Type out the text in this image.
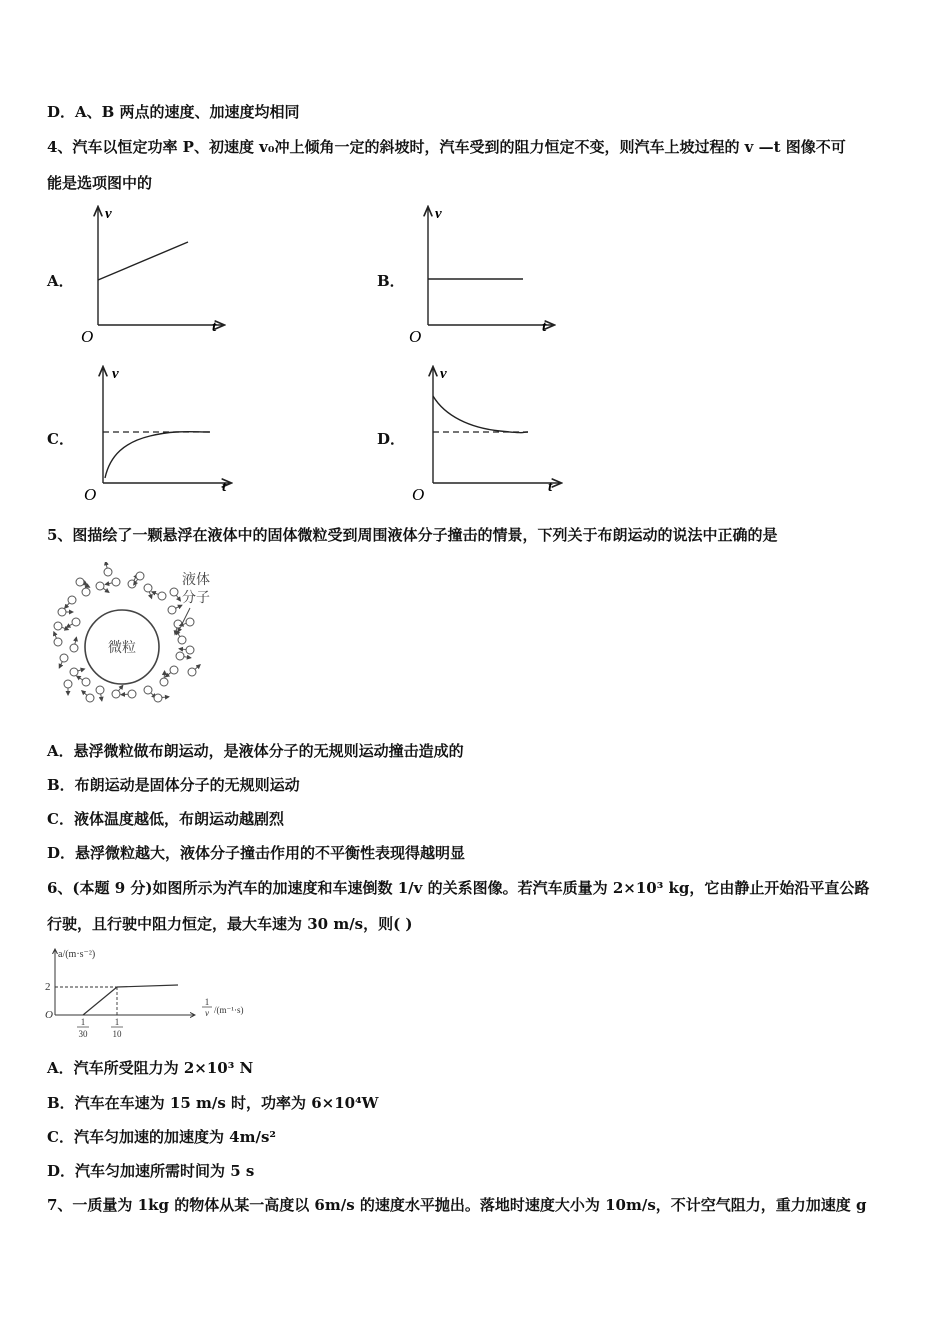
D．A、B 两点的速度、加速度均相同
4、汽车以恒定功率 P、初速度 v₀冲上倾角一定的斜坡时，汽车受到的阻力恒定不变，则汽车上坡过程的 v —t 图像不可
能是选项图中的
A．	B．
C．	D．
v
t
O
v
t
O
v
t
O
v
t
O
5、图描绘了一颗悬浮在液体中的固体微粒受到周围液体分子撞击的情景，下列关于布朗运动的说法中正确的是
微粒
液体
分子
A．悬浮微粒做布朗运动，是液体分子的无规则运动撞击造成的
B．布朗运动是固体分子的无规则运动
C．液体温度越低，布朗运动越剧烈
D．悬浮微粒越大，液体分子撞击作用的不平衡性表现得越明显
6、(本题 9 分)如图所示为汽车的加速度和车速倒数 1/v 的关系图像。若汽车质量为 2×10³ kg，它由静止开始沿平直公路
行驶，且行驶中阻力恒定，最大车速为 30 m/s，则( )
a/(m·s⁻²)
O
2
1
30
1
10
1
v /(m⁻¹·s)
A．汽车所受阻力为 2×10³ N
B．汽车在车速为 15 m/s 时，功率为 6×10⁴W
C．汽车匀加速的加速度为 4m/s²
D．汽车匀加速所需时间为 5 s
7、一质量为 1kg 的物体从某一高度以 6m/s 的速度水平抛出。落地时速度大小为 10m/s，不计空气阻力，重力加速度 g
